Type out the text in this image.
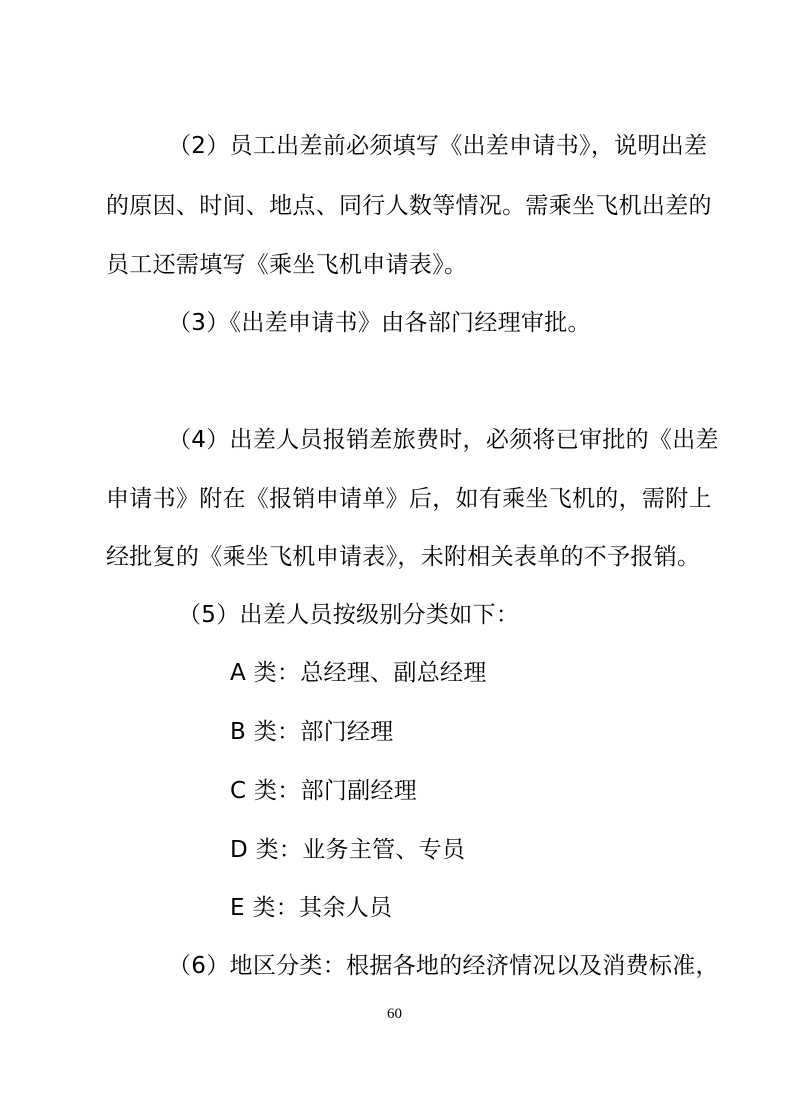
（2）员工出差前必须填写《出差申请书》，说明出差
的原因、时间、地点、同行人数等情况。需乘坐飞机出差的
员工还需填写《乘坐飞机申请表》。
（3）《出差申请书》由各部门经理审批。
（4）出差人员报销差旅费时，必须将已审批的《出差
申请书》附在《报销申请单》后，如有乘坐飞机的，需附上
经批复的《乘坐飞机申请表》，未附相关表单的不予报销。
（5）出差人员按级别分类如下：
A 类：总经理、副总经理
B 类：部门经理
C 类：部门副经理
D 类：业务主管、专员
E 类：其余人员
（6）地区分类：根据各地的经济情况以及消费标准，
60
